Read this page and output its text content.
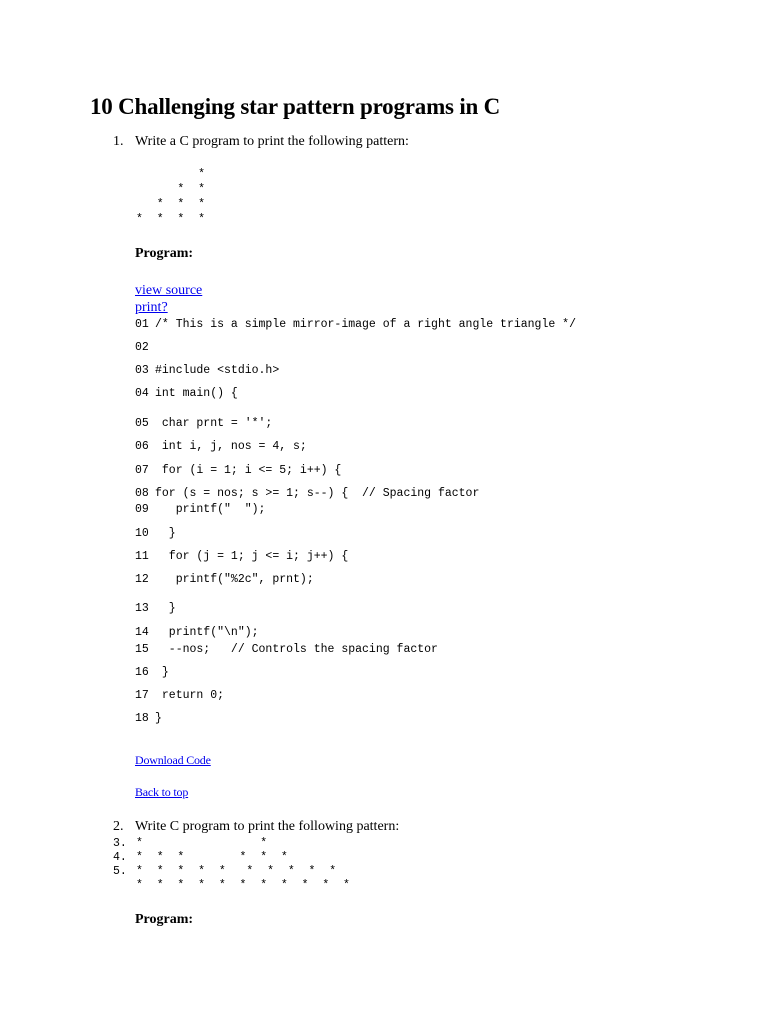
10 Challenging star pattern programs in C
1. Write a C program to print the following pattern:
*
*  *
*  *  *
*  *  *  *
Program:
view source
print?
01 /* This is a simple mirror-image of a right angle triangle */
02
03 #include <stdio.h>
04 int main() {
05 char prnt = '*';
06 int i, j, nos = 4, s;
07 for (i = 1; i <= 5; i++) {
08 for (s = nos; s >= 1; s--) {  // Spacing factor
09   printf("  ");
10  }
11  for (j = 1; j <= i; j++) {
12   printf("%2c", prnt);
13  }
14  printf("\n");
15  --nos;   // Controls the spacing factor
16 }
17 return 0;
18 }
Download Code
Back to top
2. Write C program to print the following pattern:
3. *                 *
4. *  *  *        *  *  *
5. *  *  *  *  *   *  *  *  *  *
*  *  *  *  *  *  *  *  *  *  *
Program:
